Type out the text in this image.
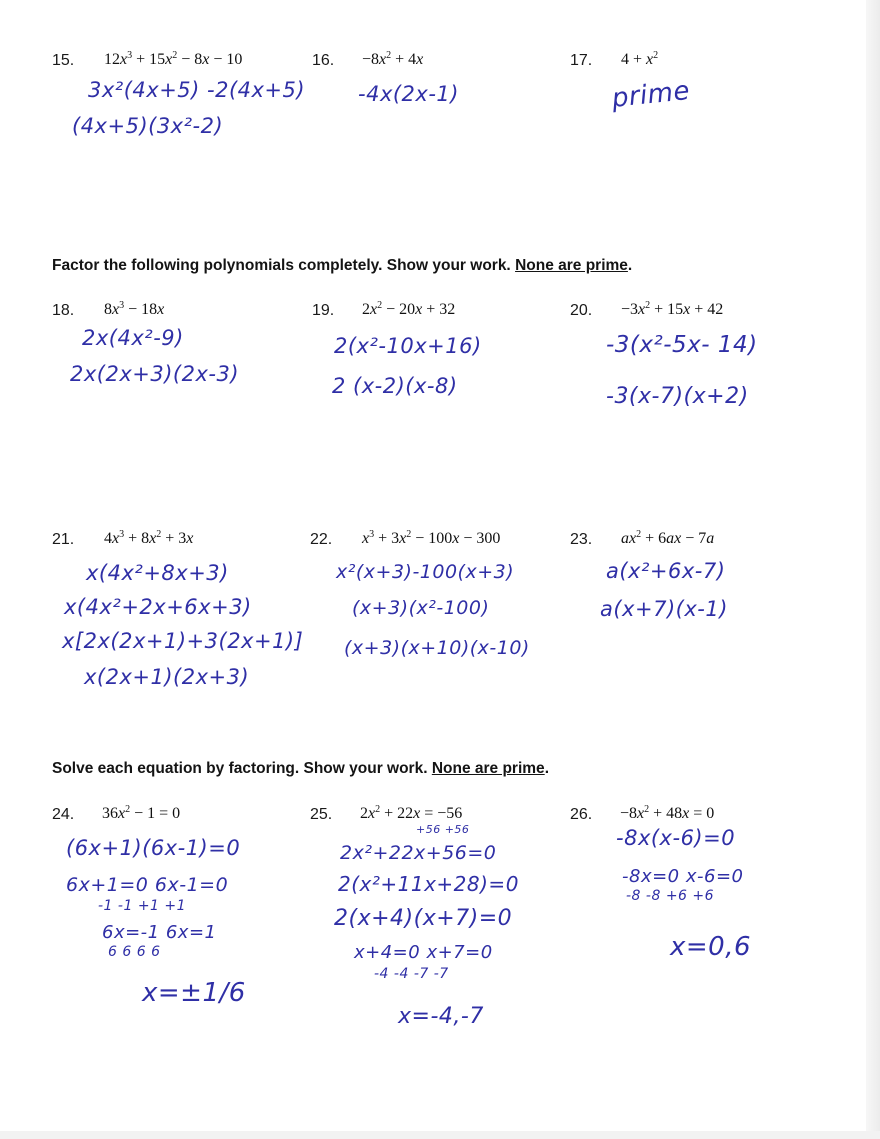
15. $12x^3 + 15x^2 - 8x - 10$
3x²(4x+5) -2(4x+5)
(4x+5)(3x²-2)
16. $-8x^2 + 4x$
-4x(2x-1)
17. $4 + x^2$
prime
Factor the following polynomials completely. Show your work. None are prime.
18. $8x^3 - 18x$
2x(4x²-9)
2x(2x+3)(2x-3)
19. $2x^2 - 20x + 32$
2(x²-10x+16)
2 (x-2)(x-8)
20. $-3x^2 + 15x + 42$
-3(x²-5x- 14)
-3(x-7)(x+2)
21. $4x^3 + 8x^2 + 3x$
x(4x²+8x+3)
x(4x²+2x+6x+3)
x[2x(2x+1)+3(2x+1)]
x(2x+1)(2x+3)
22. $x^3 + 3x^2 - 100x - 300$
x²(x+3)-100(x+3)
(x+3)(x²-100)
(x+3)(x+10)(x-10)
23. $ax^2 + 6ax - 7a$
a(x²+6x-7)
a(x+7)(x-1)
Solve each equation by factoring. Show your work. None are prime.
24. $36x^2 - 1 = 0$
(6x+1)(6x-1)=0
6x+1=0 6x-1=0
-1 -1 +1 +1
6x=-1 6x=1
6 6 6 6
x=±1/6
25. $2x^2 + 22x = -56$
+56 +56
2x²+22x+56=0
2(x²+11x+28)=0
2(x+4)(x+7)=0
x+4=0 x+7=0
-4 -4 -7 -7
x=-4,-7
26. $-8x^2 + 48x = 0$
-8x(x-6)=0
-8x=0 x-6=0
-8 -8 +6 +6
x=0,6
